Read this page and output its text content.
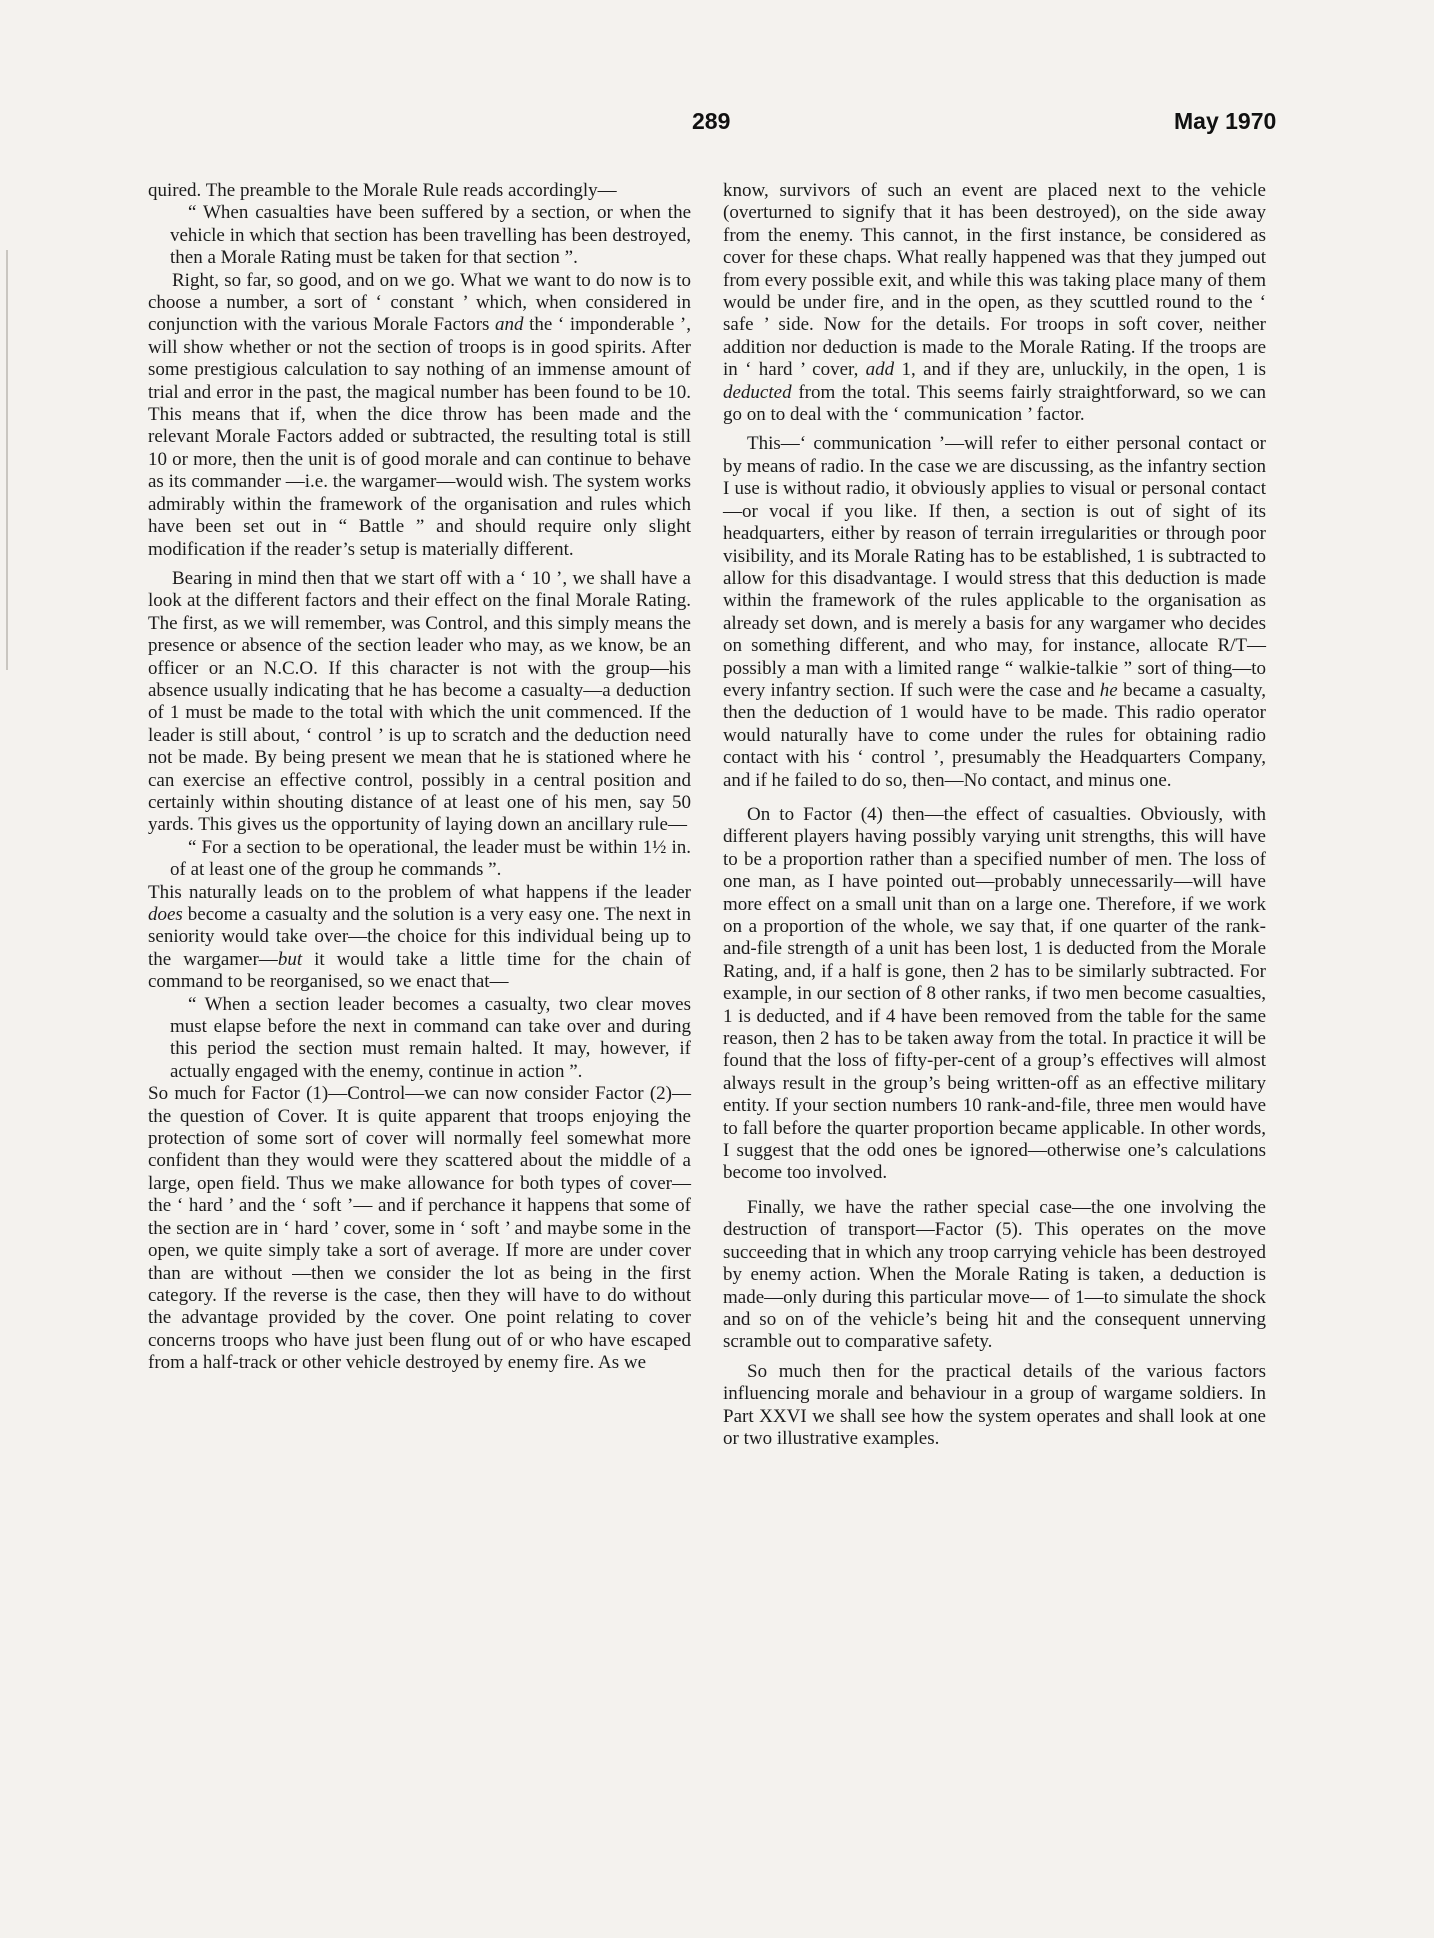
289	May 1970

quired. The preamble to the Morale Rule reads accordingly—

“ When casualties have been suffered by a section, or when the vehicle in which that section has been travelling has been destroyed, then a Morale Rating must be taken for that section ”.

Right, so far, so good, and on we go. What we want to do now is to choose a number, a sort of ‘ constant ’ which, when considered in conjunction with the various Morale Factors and the ‘ imponderable ’, will show whether or not the section of troops is in good spirits. After some prestigious calculation to say nothing of an immense amount of trial and error in the past, the magical number has been found to be 10. This means that if, when the dice throw has been made and the relevant Morale Factors added or subtracted, the resulting total is still 10 or more, then the unit is of good morale and can continue to behave as its commander —i.e. the wargamer—would wish. The system works admirably within the framework of the organisation and rules which have been set out in “ Battle ” and should require only slight modification if the reader’s setup is materially different.

Bearing in mind then that we start off with a ‘ 10 ’, we shall have a look at the different factors and their effect on the final Morale Rating. The first, as we will remember, was Control, and this simply means the presence or absence of the section leader who may, as we know, be an officer or an N.C.O. If this character is not with the group—his absence usually indicating that he has become a casualty—a deduction of 1 must be made to the total with which the unit commenced. If the leader is still about, ‘ control ’ is up to scratch and the deduction need not be made. By being present we mean that he is stationed where he can exercise an effective control, possibly in a central position and certainly within shouting distance of at least one of his men, say 50 yards. This gives us the opportunity of laying down an ancillary rule—

“ For a section to be operational, the leader must be within 1½ in. of at least one of the group he commands ”.

This naturally leads on to the problem of what happens if the leader does become a casualty and the solution is a very easy one. The next in seniority would take over—the choice for this individual being up to the wargamer—but it would take a little time for the chain of command to be reorganised, so we enact that—

“ When a section leader becomes a casualty, two clear moves must elapse before the next in command can take over and during this period the section must remain halted. It may, however, if actually engaged with the enemy, continue in action ”.

So much for Factor (1)—Control—we can now consider Factor (2)—the question of Cover. It is quite apparent that troops enjoying the protection of some sort of cover will normally feel somewhat more confident than they would were they scattered about the middle of a large, open field. Thus we make allowance for both types of cover—the ‘ hard ’ and the ‘ soft ’— and if perchance it happens that some of the section are in ‘ hard ’ cover, some in ‘ soft ’ and maybe some in the open, we quite simply take a sort of average. If more are under cover than are without —then we consider the lot as being in the first category. If the reverse is the case, then they will have to do without the advantage provided by the cover. One point relating to cover concerns troops who have just been flung out of or who have escaped from a half-track or other vehicle destroyed by enemy fire. As we

know, survivors of such an event are placed next to the vehicle (overturned to signify that it has been destroyed), on the side away from the enemy. This cannot, in the first instance, be considered as cover for these chaps. What really happened was that they jumped out from every possible exit, and while this was taking place many of them would be under fire, and in the open, as they scuttled round to the ‘ safe ’ side. Now for the details. For troops in soft cover, neither addition nor deduction is made to the Morale Rating. If the troops are in ‘ hard ’ cover, add 1, and if they are, unluckily, in the open, 1 is deducted from the total. This seems fairly straightforward, so we can go on to deal with the ‘ communication ’ factor.

This—‘ communication ’—will refer to either personal contact or by means of radio. In the case we are discussing, as the infantry section I use is without radio, it obviously applies to visual or personal contact—or vocal if you like. If then, a section is out of sight of its headquarters, either by reason of terrain irregularities or through poor visibility, and its Morale Rating has to be established, 1 is subtracted to allow for this disadvantage. I would stress that this deduction is made within the framework of the rules applicable to the organisation as already set down, and is merely a basis for any wargamer who decides on something different, and who may, for instance, allocate R/T—possibly a man with a limited range “ walkie-talkie ” sort of thing—to every infantry section. If such were the case and he became a casualty, then the deduction of 1 would have to be made. This radio operator would naturally have to come under the rules for obtaining radio contact with his ‘ control ’, presumably the Headquarters Company, and if he failed to do so, then—No contact, and minus one.

On to Factor (4) then—the effect of casualties. Obviously, with different players having possibly varying unit strengths, this will have to be a proportion rather than a specified number of men. The loss of one man, as I have pointed out—probably unnecessarily—will have more effect on a small unit than on a large one. Therefore, if we work on a proportion of the whole, we say that, if one quarter of the rank-and-file strength of a unit has been lost, 1 is deducted from the Morale Rating, and, if a half is gone, then 2 has to be similarly subtracted. For example, in our section of 8 other ranks, if two men become casualties, 1 is deducted, and if 4 have been removed from the table for the same reason, then 2 has to be taken away from the total. In practice it will be found that the loss of fifty-per-cent of a group’s effectives will almost always result in the group’s being written-off as an effective military entity. If your section numbers 10 rank-and-file, three men would have to fall before the quarter proportion became applicable. In other words, I suggest that the odd ones be ignored—otherwise one’s calculations become too involved.

Finally, we have the rather special case—the one involving the destruction of transport—Factor (5). This operates on the move succeeding that in which any troop carrying vehicle has been destroyed by enemy action. When the Morale Rating is taken, a deduction is made—only during this particular move— of 1—to simulate the shock and so on of the vehicle’s being hit and the consequent unnerving scramble out to comparative safety.

So much then for the practical details of the various factors influencing morale and behaviour in a group of wargame soldiers. In Part XXVI we shall see how the system operates and shall look at one or two illustrative examples.
